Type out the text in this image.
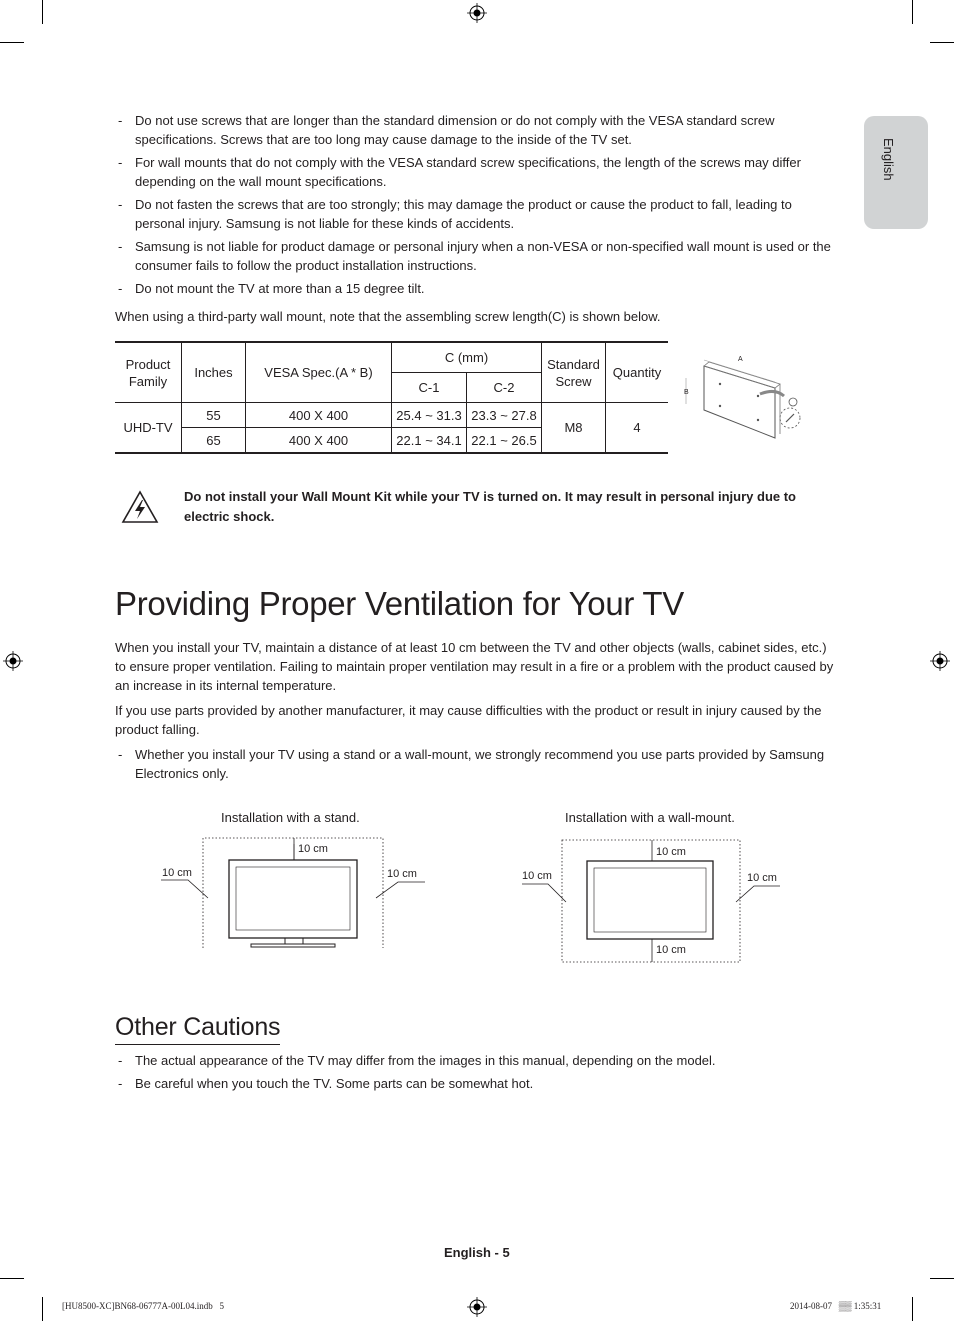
English
- Do not use screws that are longer than the standard dimension or do not comply with the VESA standard screw specifications. Screws that are too long may cause damage to the inside of the TV set.
- For wall mounts that do not comply with the VESA standard screw specifications, the length of the screws may differ depending on the wall mount specifications.
- Do not fasten the screws that are too strongly; this may damage the product or cause the product to fall, leading to personal injury. Samsung is not liable for these kinds of accidents.
- Samsung is not liable for product damage or personal injury when a non-VESA or non-specified wall mount is used or the consumer fails to follow the product installation instructions.
- Do not mount the TV at more than a 15 degree tilt.
When using a third-party wall mount, note that the assembling screw length(C) is shown below.
Product Family	Inches	VESA Spec.(A * B)	C (mm)		Standard Screw	Quantity
			C-1	C-2		
UHD-TV	55	400 X 400	25.4 ~ 31.3	23.3 ~ 27.8	M8	4
	65	400 X 400	22.1 ~ 34.1	22.1 ~ 26.5		
A
B
Do not install your Wall Mount Kit while your TV is turned on. It may result in personal injury due to electric shock.
Providing Proper Ventilation for Your TV
When you install your TV, maintain a distance of at least 10 cm between the TV and other objects (walls, cabinet sides, etc.) to ensure proper ventilation. Failing to maintain proper ventilation may result in a fire or a problem with the product caused by an increase in its internal temperature.
If you use parts provided by another manufacturer, it may cause difficulties with the product or result in injury caused by the product falling.
- Whether you install your TV using a stand or a wall-mount, we strongly recommend you use parts provided by Samsung Electronics only.
Installation with a stand.	Installation with a wall-mount.
10 cm
10 cm	10 cm
10 cm
10 cm
10 cm	10 cm
Other Cautions
- The actual appearance of the TV may differ from the images in this manual, depending on the model.
- Be careful when you touch the TV. Some parts can be somewhat hot.
English - 5
[HU8500-XC]BN68-06777A-00L04.indb   5	2014-08-07   ▒▒ 1:35:31
